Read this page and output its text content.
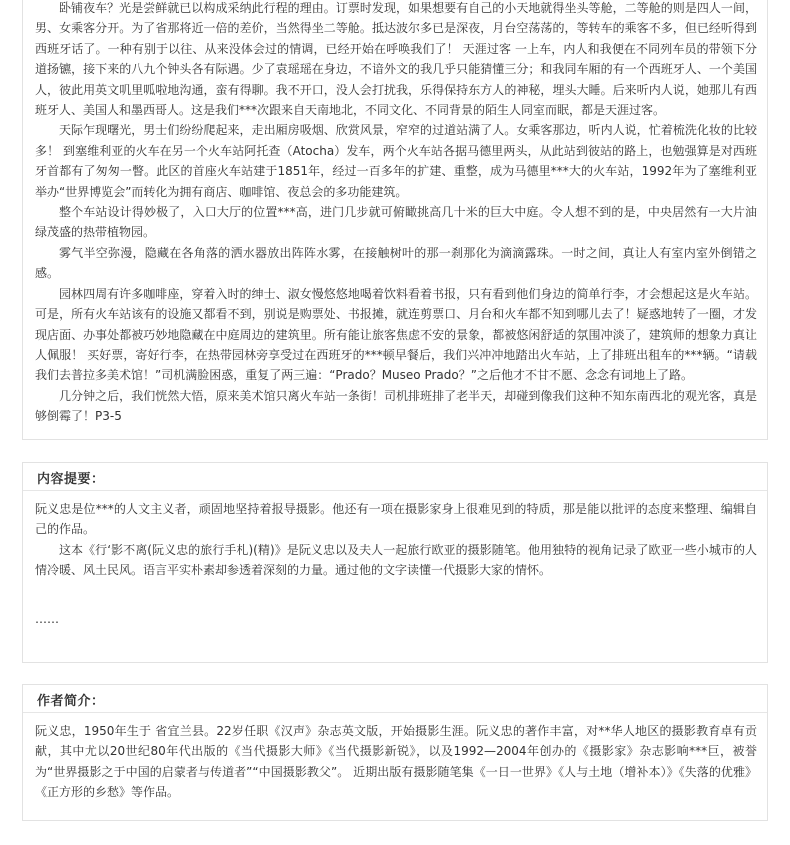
卧铺夜车？光是尝鲜就已以构成采纳此行程的理由。订票时发现，如果想要有自己的小天地就得坐头等舱，二等舱的则是四人一间，男、女乘客分开。为了省那将近一倍的差价，当然得坐二等舱。抵达波尔多已是深夜，月台空荡荡的，等转车的乘客不多，但已经听得到西班牙话了。一种有别于以往、从来没体会过的情调，已经开始在呼唤我们了！ 天涯过客 一上车，内人和我便在不同列车员的带领下分道扬镳，接下来的八九个钟头各有际遇。少了袁瑶瑶在身边，不谙外文的我几乎只能猜懂三分；和我同车厢的有一个西班牙人、一个美国人，彼此用英文叽里呱啦地沟通，蛮有得聊。我不开口，没人会打扰我，乐得保持东方人的神秘，埋头大睡。后来听内人说，她那儿有西班牙人、美国人和墨西哥人。这是我们***次跟来自天南地北，不同文化、不同背景的陌生人同室而眠，都是天涯过客。

天际乍现曙光，男士们纷纷爬起来，走出厢房吸烟、欣赏风景，窄窄的过道站满了人。女乘客那边，听内人说，忙着梳洗化妆的比较多！ 到塞维利亚的火车在另一个火车站阿托查（Atocha）发车，两个火车站各据马德里两头，从此站到彼站的路上，也勉强算是对西班牙首都有了匆匆一瞥。此区的首座火车站建于1851年，经过一百多年的扩建、重整，成为马德里***大的火车站，1992年为了塞维利亚举办“世界博览会”而转化为拥有商店、咖啡馆、夜总会的多功能建筑。

整个车站设计得妙极了，入口大厅的位置***高，进门几步就可俯瞰挑高几十米的巨大中庭。令人想不到的是，中央居然有一大片油绿茂盛的热带植物园。

雾气半空弥漫，隐藏在各角落的洒水器放出阵阵水雾，在接触树叶的那一刹那化为滴滴露珠。一时之间，真让人有室内室外倒错之感。

园林四周有许多咖啡座，穿着入时的绅士、淑女慢悠悠地喝着饮料看着书报，只有看到他们身边的简单行李，才会想起这是火车站。可是，所有火车站该有的设施又都看不到，别说是购票处、书报摊，就连剪票口、月台和火车都不知到哪儿去了！疑惑地转了一圈，才发现店面、办事处都被巧妙地隐藏在中庭周边的建筑里。所有能让旅客焦虑不安的景象，都被悠闲舒适的氛围冲淡了，建筑师的想象力真让人佩服！ 买好票，寄好行李，在热带园林旁享受过在西班牙的***顿早餐后，我们兴冲冲地踏出火车站，上了排班出租车的***辆。“请载我们去普拉多美术馆！”司机满脸困惑，重复了两三遍：“Prado？Museo Prado？”之后他才不甘不愿、念念有词地上了路。

几分钟之后，我们恍然大悟，原来美术馆只离火车站一条街！司机排班排了老半天，却碰到像我们这种不知东南西北的观光客，真是够倒霉了！P3-5

内容提要：

阮义忠是位***的人文主义者，顽固地坚持着报导摄影。他还有一项在摄影家身上很难见到的特质，那是能以批评的态度来整理、编辑自己的作品。

这本《行‘影不离(阮义忠的旅行手札)(精)》是阮义忠以及夫人一起旅行欧亚的摄影随笔。他用独特的视角记录了欧亚一些小城市的人情冷暖、风土民风。语言平实朴素却参透着深刻的力量。通过他的文字读懂一代摄影大家的情怀。

……

作者简介：

阮义忠，1950年生于 省宜兰县。22岁任职《汉声》杂志英文版，开始摄影生涯。阮义忠的著作丰富，对**华人地区的摄影教育卓有贡献，其中尤以20世纪80年代出版的《当代摄影大师》《当代摄影新锐》，以及1992—2004年创办的《摄影家》杂志影响***巨，被誉为“世界摄影之于中国的启蒙者与传道者”“中国摄影教父”。 近期出版有摄影随笔集《一日一世界》《人与土地（增补本）》《失落的优雅》《正方形的乡愁》等作品。
